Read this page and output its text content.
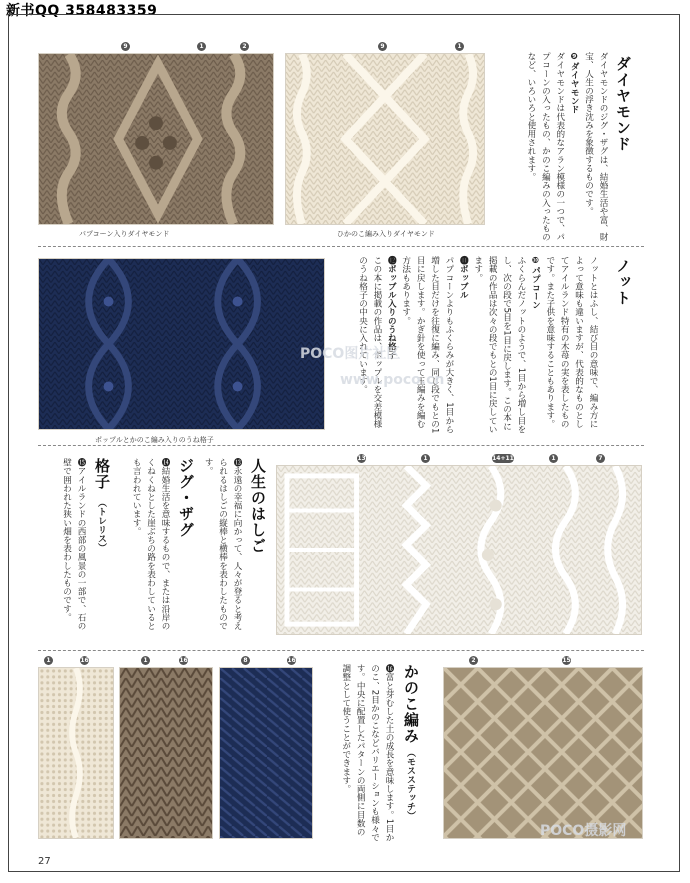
新书QQ 358483359
9	1	2	9	1
パプコーン入りダイヤモンド	ひかのこ編み入りダイヤモンド	ダイヤモンドのジグ・ザグは、結婚生活や富、財宝、人生の浮き沈みを象徴するものです。

❾ダイヤモンド

ダイヤモンドは代表的なアラン模様の一つで、パプコーンの入ったもの、かのこ編みの入ったものなど、いろいろと使用されます。	ダイヤモンド
ポップルとかのこ編み入りのうね格子

ノットとはふし、結び目の意味で、編み方によって意味も違いますが、代表的なものとしてアイルランド特有の木苺の実を表したものです。また子供を意味することもあります。

❿パプコーン

ふくらんだノットのようで、1目から増し目をし、次の段で5目を1目に戻します。この本に掲載の作品は次々の段でもとの1目に戻しています。

⓫ボッブル

パプコーンよりもふくらみが大きく、1目から増した目だけを往復に編み、同じ段でもとの1目に戻します。かぎ針を使って玉編みを編む方法もあります。

⓬ボッブル入りのうね格子

この本に掲載の作品は、ポップルを交差模様のうね格子の中央に入れています。	ノット
人生のはしご
⓭永遠の幸福に向かって、人々が登ると考えられるはしごの縦棒と横棒を表わしたものです。
ジグ・ザグ
⓮結婚生活を意味するもので、または沿岸のくねくねとした崖ぶちの路を表わしているとも言われています。
格子
（トレリス）
⓯アイルランドの西部の風景の一部で、石の壁で囲われた狭い畑を表わしたものです。	13	1	14+11	1	7
1	16	1	16	8	16	2	15
⓰富と芽むした土の成長を意味します。1目かのこ、2目かのこなどバリエーションも様々です。中央に配置したパターンの両側に目数の調整として使うことができます。	かのこ編み
（モスステッチ）
POCO图片社区
www.poco.cn
POCO摄影网
27
